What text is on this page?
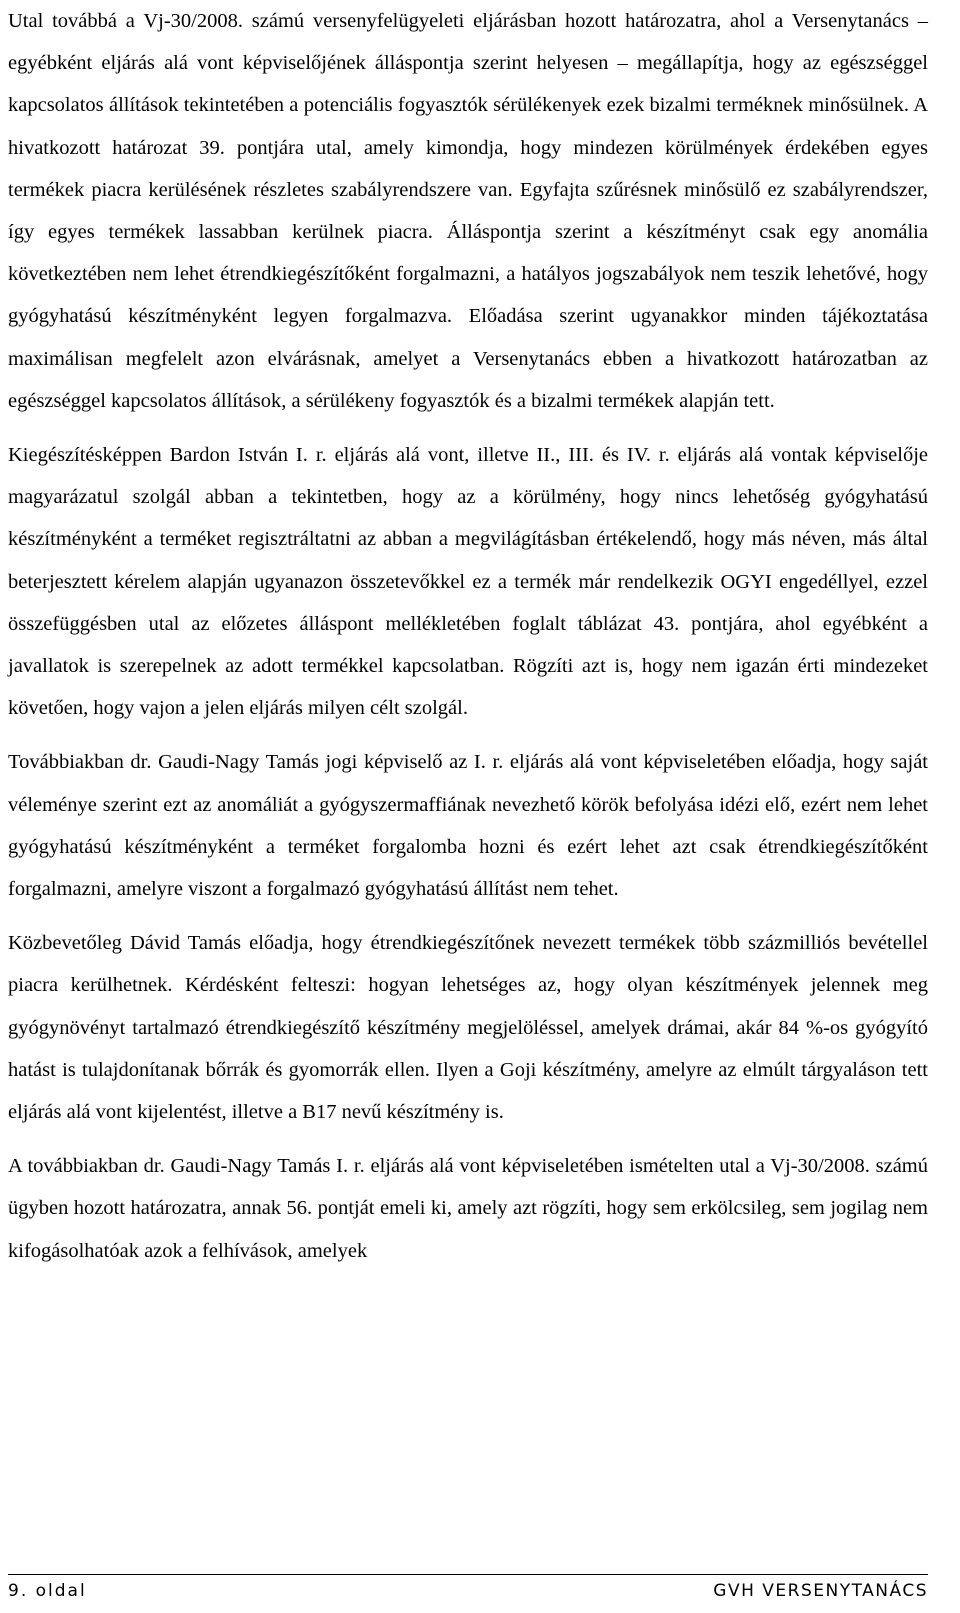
Utal továbbá a Vj-30/2008. számú versenyfelügyeleti eljárásban hozott határozatra, ahol a Versenytanács – egyébként eljárás alá vont képviselőjének álláspontja szerint helyesen – megállapítja, hogy az egészséggel kapcsolatos állítások tekintetében a potenciális fogyasztók sérülékenyek ezek bizalmi terméknek minősülnek. A hivatkozott határozat 39. pontjára utal, amely kimondja, hogy mindezen körülmények érdekében egyes termékek piacra kerülésének részletes szabályrendszere van. Egyfajta szűrésnek minősülő ez szabályrendszer, így egyes termékek lassabban kerülnek piacra. Álláspontja szerint a készítményt csak egy anomália következtében nem lehet étrendkiegészítőként forgalmazni, a hatályos jogszabályok nem teszik lehetővé, hogy gyógyhatású készítményként legyen forgalmazva. Előadása szerint ugyanakkor minden tájékoztatása maximálisan megfelelt azon elvárásnak, amelyet a Versenytanács ebben a hivatkozott határozatban az egészséggel kapcsolatos állítások, a sérülékeny fogyasztók és a bizalmi termékek alapján tett.

Kiegészítésképpen Bardon István I. r. eljárás alá vont, illetve II., III. és IV. r. eljárás alá vontak képviselője magyarázatul szolgál abban a tekintetben, hogy az a körülmény, hogy nincs lehetőség gyógyhatású készítményként a terméket regisztráltatni az abban a megvilágításban értékelendő, hogy más néven, más által beterjesztett kérelem alapján ugyanazon összetevőkkel ez a termék már rendelkezik OGYI engedéllyel, ezzel összefüggésben utal az előzetes álláspont mellékletében foglalt táblázat 43. pontjára, ahol egyébként a javallatok is szerepelnek az adott termékkel kapcsolatban. Rögzíti azt is, hogy nem igazán érti mindezeket követően, hogy vajon a jelen eljárás milyen célt szolgál.

Továbbiakban dr. Gaudi-Nagy Tamás jogi képviselő az I. r. eljárás alá vont képviseletében előadja, hogy saját véleménye szerint ezt az anomáliát a gyógyszermaffiának nevezhető körök befolyása idézi elő, ezért nem lehet gyógyhatású készítményként a terméket forgalomba hozni és ezért lehet azt csak étrendkiegészítőként forgalmazni, amelyre viszont a forgalmazó gyógyhatású állítást nem tehet.

Közbevetőleg Dávid Tamás előadja, hogy étrendkiegészítőnek nevezett termékek több százmilliós bevétellel piacra kerülhetnek. Kérdésként felteszi: hogyan lehetséges az, hogy olyan készítmények jelennek meg gyógynövényt tartalmazó étrendkiegészítő készítmény megjelöléssel, amelyek drámai, akár 84 %-os gyógyító hatást is tulajdonítanak bőrrák és gyomorrák ellen. Ilyen a Goji készítmény, amelyre az elmúlt tárgyaláson tett eljárás alá vont kijelentést, illetve a B17 nevű készítmény is.

A továbbiakban dr. Gaudi-Nagy Tamás I. r. eljárás alá vont képviseletében ismételten utal a Vj-30/2008. számú ügyben hozott határozatra, annak 56. pontját emeli ki, amely azt rögzíti, hogy sem erkölcsileg, sem jogilag nem kifogásolhatóak azok a felhívások, amelyek

9. oldal	GVH VERSENYTANÁCS
